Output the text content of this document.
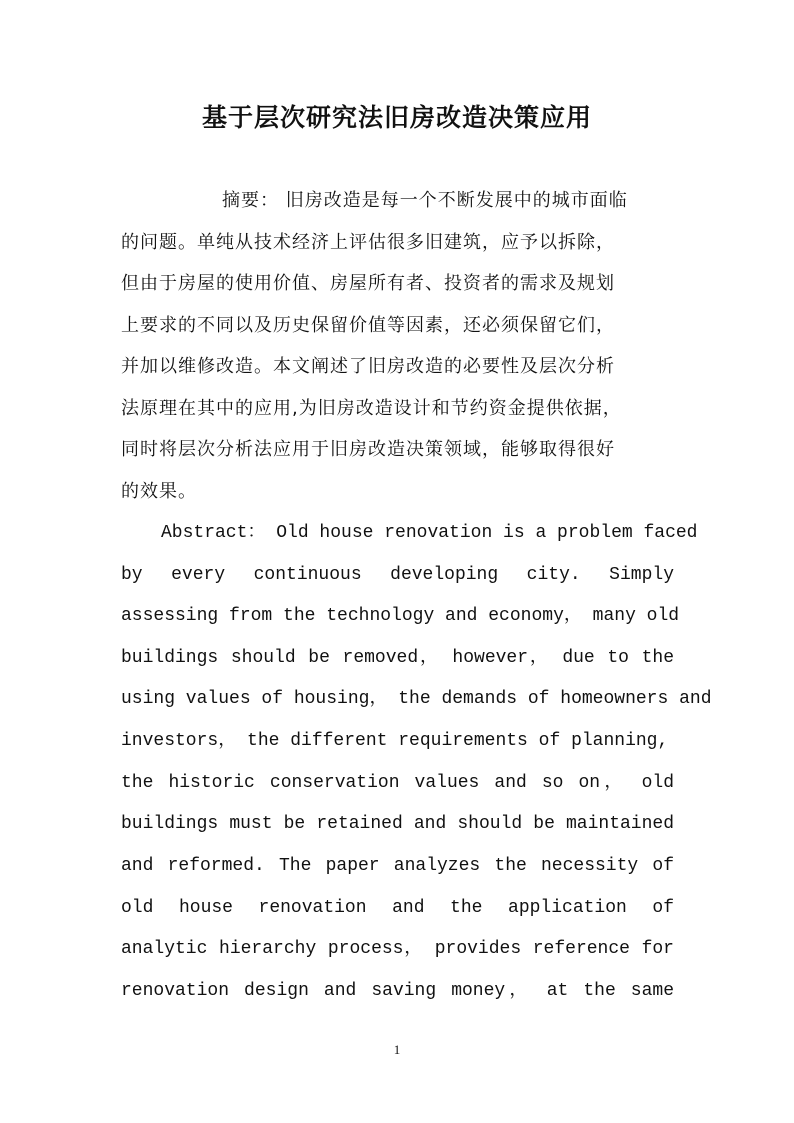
基于层次研究法旧房改造决策应用
摘要： 旧房改造是每一个不断发展中的城市面临
的问题。单纯从技术经济上评估很多旧建筑，应予以拆除，
但由于房屋的使用价值、房屋所有者、投资者的需求及规划
上要求的不同以及历史保留价值等因素，还必须保留它们，
并加以维修改造。本文阐述了旧房改造的必要性及层次分析
法原理在其中的应用,为旧房改造设计和节约资金提供依据，
同时将层次分析法应用于旧房改造决策领域，能够取得很好
的效果。
Abstract： Old house renovation is a problem faced
by every continuous developing city. Simply
assessing from the technology and economy， many old
buildings should be removed， however， due to the
using values of housing， the demands of homeowners and
investors， the different requirements of planning,
the historic conservation values and so on， old
buildings must be retained and should be maintained
and reformed. The paper analyzes the necessity of
old house renovation and the application of
analytic hierarchy process， provides reference for
renovation design and saving money， at the same
1
